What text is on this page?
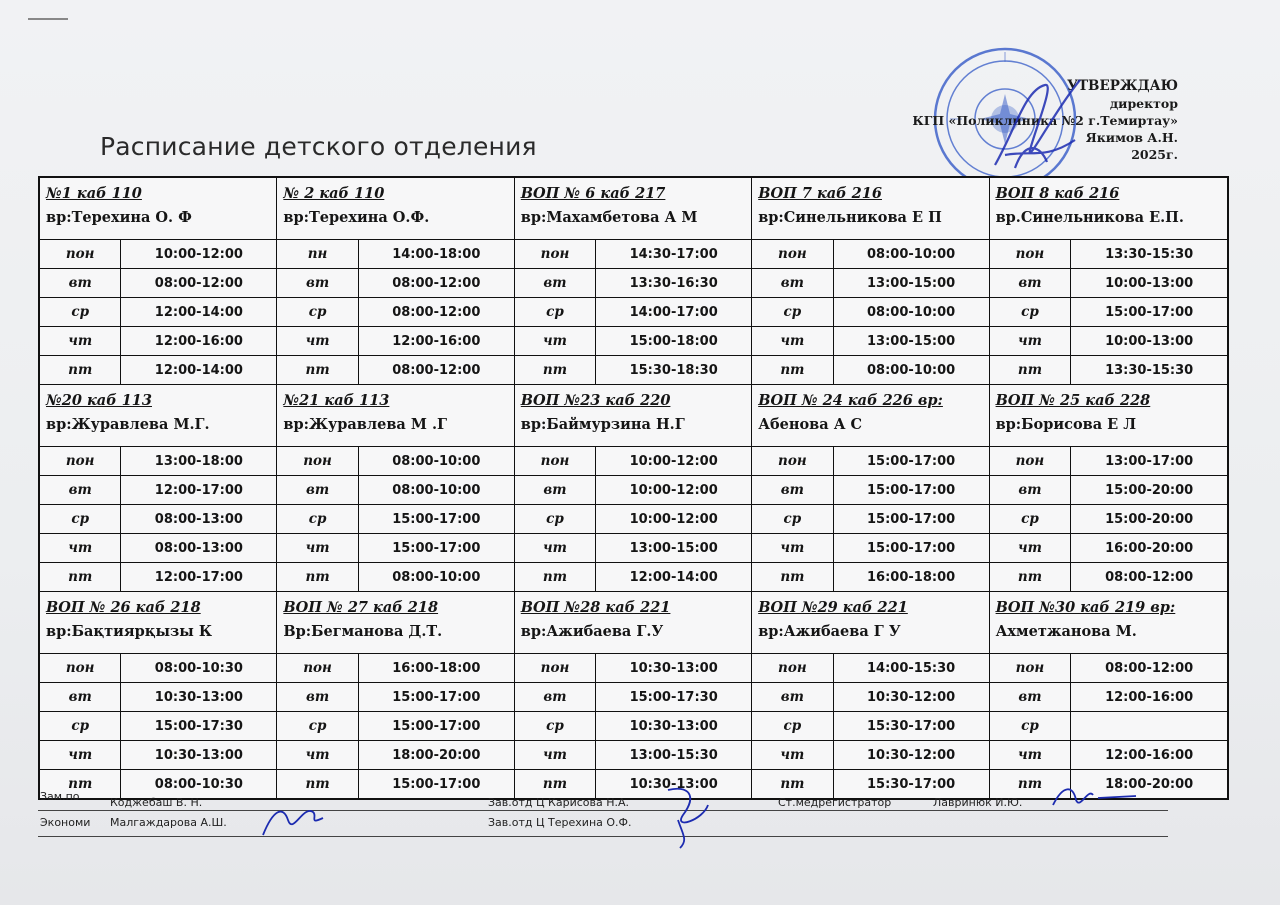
Расписание детского отделения
УТВЕРЖДАЮ
директор
КГП «Поликлиника №2 г.Темиртау»
Якимов А.Н.
2025г.
№1 каб 110
вр:Терехина О. Ф
пон	10:00-12:00
вт	08:00-12:00
ср	12:00-14:00
чт	12:00-16:00
пт	12:00-14:00
№20 каб 113
вр:Журавлева М.Г.
пон	13:00-18:00
вт	12:00-17:00
ср	08:00-13:00
чт	08:00-13:00
пт	12:00-17:00
ВОП № 26 каб 218
вр:Бақтиярқызы К
пон	08:00-10:30
вт	10:30-13:00
ср	15:00-17:30
чт	10:30-13:00
пт	08:00-10:30
№ 2 каб 110
вр:Терехина О.Ф.
пн	14:00-18:00
вт	08:00-12:00
ср	08:00-12:00
чт	12:00-16:00
пт	08:00-12:00
№21 каб 113
вр:Журавлева М .Г
пон	08:00-10:00
вт	08:00-10:00
ср	15:00-17:00
чт	15:00-17:00
пт	08:00-10:00
ВОП № 27 каб 218
Вр:Бегманова Д.Т.
пон	16:00-18:00
вт	15:00-17:00
ср	15:00-17:00
чт	18:00-20:00
пт	15:00-17:00
ВОП № 6 каб 217
вр:Махамбетова А М
пон	14:30-17:00
вт	13:30-16:30
ср	14:00-17:00
чт	15:00-18:00
пт	15:30-18:30
ВОП №23 каб 220
вр:Баймурзина Н.Г
пон	10:00-12:00
вт	10:00-12:00
ср	10:00-12:00
чт	13:00-15:00
пт	12:00-14:00
ВОП №28 каб 221
вр:Ажибаева Г.У
пон	10:30-13:00
вт	15:00-17:30
ср	10:30-13:00
чт	13:00-15:30
пт	10:30-13:00
ВОП 7 каб 216
вр:Синельникова Е П
пон	08:00-10:00
вт	13:00-15:00
ср	08:00-10:00
чт	13:00-15:00
пт	08:00-10:00
ВОП № 24 каб 226 вр:
Абенова А С
пон	15:00-17:00
вт	15:00-17:00
ср	15:00-17:00
чт	15:00-17:00
пт	16:00-18:00
ВОП №29 каб 221
вр:Ажибаева Г У
пон	14:00-15:30
вт	10:30-12:00
ср	15:30-17:00
чт	10:30-12:00
пт	15:30-17:00
ВОП 8 каб 216
вр.Синельникова Е.П.
пон	13:30-15:30
вт	10:00-13:00
ср	15:00-17:00
чт	10:00-13:00
пт	13:30-15:30
ВОП № 25 каб 228
вр:Борисова Е Л
пон	13:00-17:00
вт	15:00-20:00
ср	15:00-20:00
чт	16:00-20:00
пт	08:00-12:00
ВОП №30 каб 219 вр:
Ахметжанова М.
пон	08:00-12:00
вт	12:00-16:00
ср
чт	12:00-16:00
пт	18:00-20:00
Зам.по	Коджебаш В. Н.	Зав.отд Ц Карисова Н.А.	Ст.медрегистратор	Лавринюк И.Ю.
Экономи Малгаждарова А.Ш.	Зав.отд Ц Терехина О.Ф.
